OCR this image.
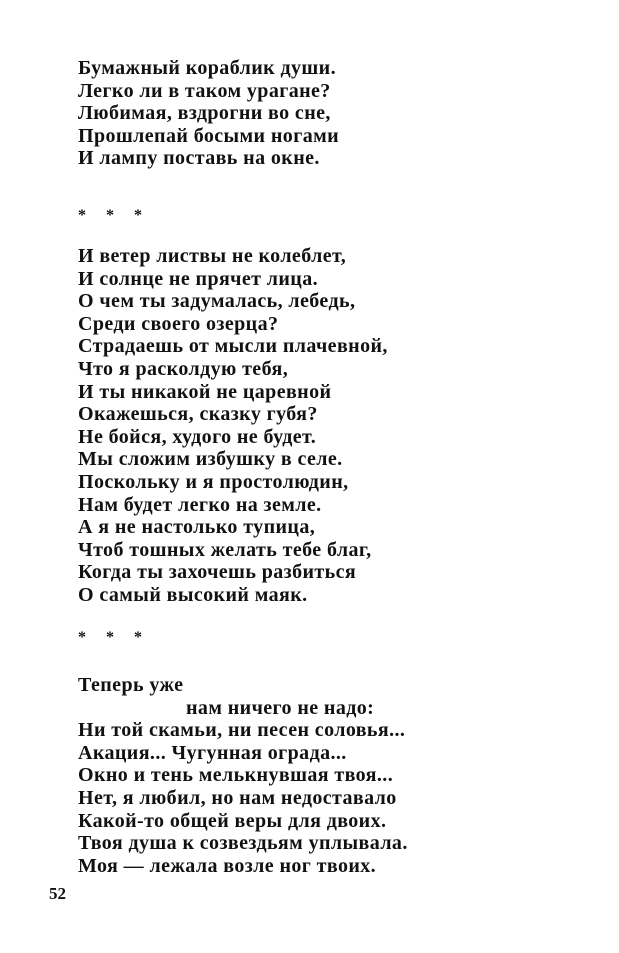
Бумажный кораблик души.
Легко ли в таком урагане?
Любимая, вздрогни во сне,
Прошлепай босыми ногами
И лампу поставь на окне.
* * *
И ветер листвы не колеблет,
И солнце не прячет лица.
О чем ты задумалась, лебедь,
Среди своего озерца?
Страдаешь от мысли плачевной,
Что я расколдую тебя,
И ты никакой не царевной
Окажешься, сказку губя?
Не бойся, худого не будет.
Мы сложим избушку в селе.
Поскольку и я простолюдин,
Нам будет легко на земле.
А я не настолько тупица,
Чтоб тошных желать тебе благ,
Когда ты захочешь разбиться
О самый высокий маяк.
* * *
Теперь уже
нам ничего не надо:
Ни той скамьи, ни песен соловья...
Акация... Чугунная ограда...
Окно и тень мелькнувшая твоя...
Нет, я любил, но нам недоставало
Какой-то общей веры для двоих.
Твоя душа к созвездьям уплывала.
Моя — лежала возле ног твоих.
52
